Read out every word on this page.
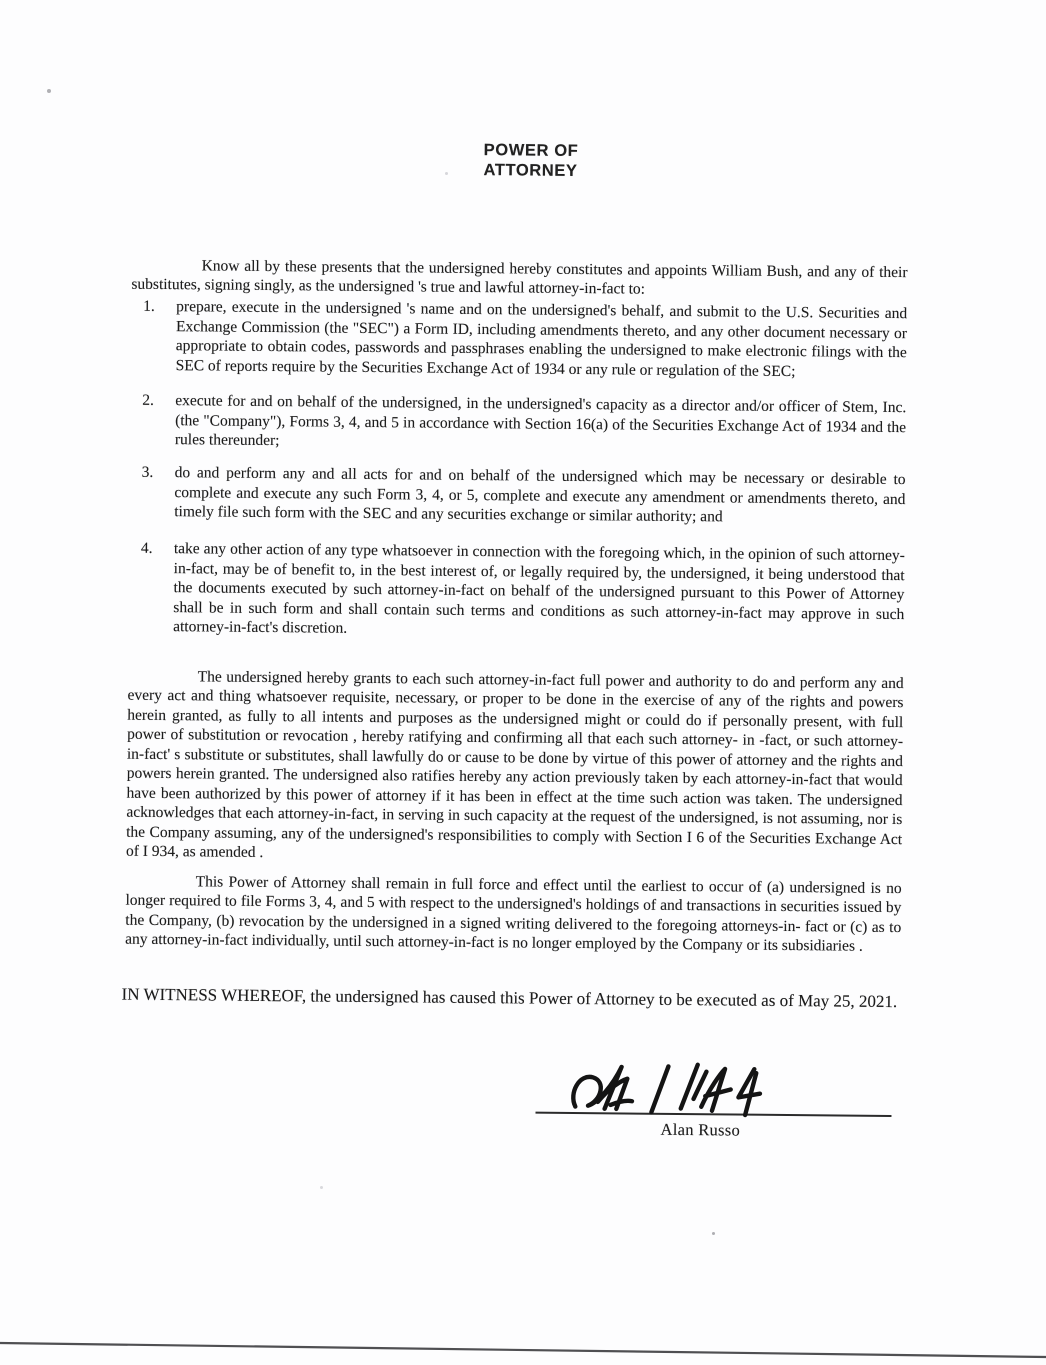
POWER OF
ATTORNEY

Know all by these presents that the undersigned hereby constitutes and appoints William Bush, and any of their substitutes, signing singly, as the undersigned 's true and lawful attorney-in-fact to:

1.	prepare, execute in the undersigned 's name and on the undersigned's behalf, and submit to the U.S. Securities and Exchange Commission (the "SEC") a Form ID, including amendments thereto, and any other document necessary or appropriate to obtain codes, passwords and passphrases enabling the undersigned to make electronic filings with the SEC of reports require by the Securities Exchange Act of 1934 or any rule or regulation of the SEC;
2.	execute for and on behalf of the undersigned, in the undersigned's capacity as a director and/or officer of Stem, Inc. (the "Company"), Forms 3, 4, and 5 in accordance with Section 16(a) of the Securities Exchange Act of 1934 and the rules thereunder;
3.	do and perform any and all acts for and on behalf of the undersigned which may be necessary or desirable to complete and execute any such Form 3, 4, or 5, complete and execute any amendment or amendments thereto, and timely file such form with the SEC and any securities exchange or similar authority; and
4.	take any other action of any type whatsoever in connection with the foregoing which, in the opinion of such attorney-in-fact, may be of benefit to, in the best interest of, or legally required by, the undersigned, it being understood that the documents executed by such attorney-in-fact on behalf of the undersigned pursuant to this Power of Attorney shall be in such form and shall contain such terms and conditions as such attorney-in-fact may approve in such attorney-in-fact's discretion.

The undersigned hereby grants to each such attorney-in-fact full power and authority to do and perform any and every act and thing whatsoever requisite, necessary, or proper to be done in the exercise of any of the rights and powers herein granted, as fully to all intents and purposes as the undersigned might or could do if personally present, with full power of substitution or revocation , hereby ratifying and confirming all that each such attorney- in -fact, or such attorney-in-fact' s substitute or substitutes, shall lawfully do or cause to be done by virtue of this power of attorney and the rights and powers herein granted. The undersigned also ratifies hereby any action previously taken by each attorney-in-fact that would have been authorized by this power of attorney if it has been in effect at the time such action was taken. The undersigned acknowledges that each attorney-in-fact, in serving in such capacity at the request of the undersigned, is not assuming, nor is the Company assuming, any of the undersigned's responsibilities to comply with Section I 6 of the Securities Exchange Act of I 934, as amended .

This Power of Attorney shall remain in full force and effect until the earliest to occur of (a) undersigned is no longer required to file Forms 3, 4, and 5 with respect to the undersigned's holdings of and transactions in securities issued by the Company, (b) revocation by the undersigned in a signed writing delivered to the foregoing attorneys-in- fact or (c) as to any attorney-in-fact individually, until such attorney-in-fact is no longer employed by the Company or its subsidiaries .

IN WITNESS WHEREOF, the undersigned has caused this Power of Attorney to be executed as of May 25, 2021.

Alan Russo
